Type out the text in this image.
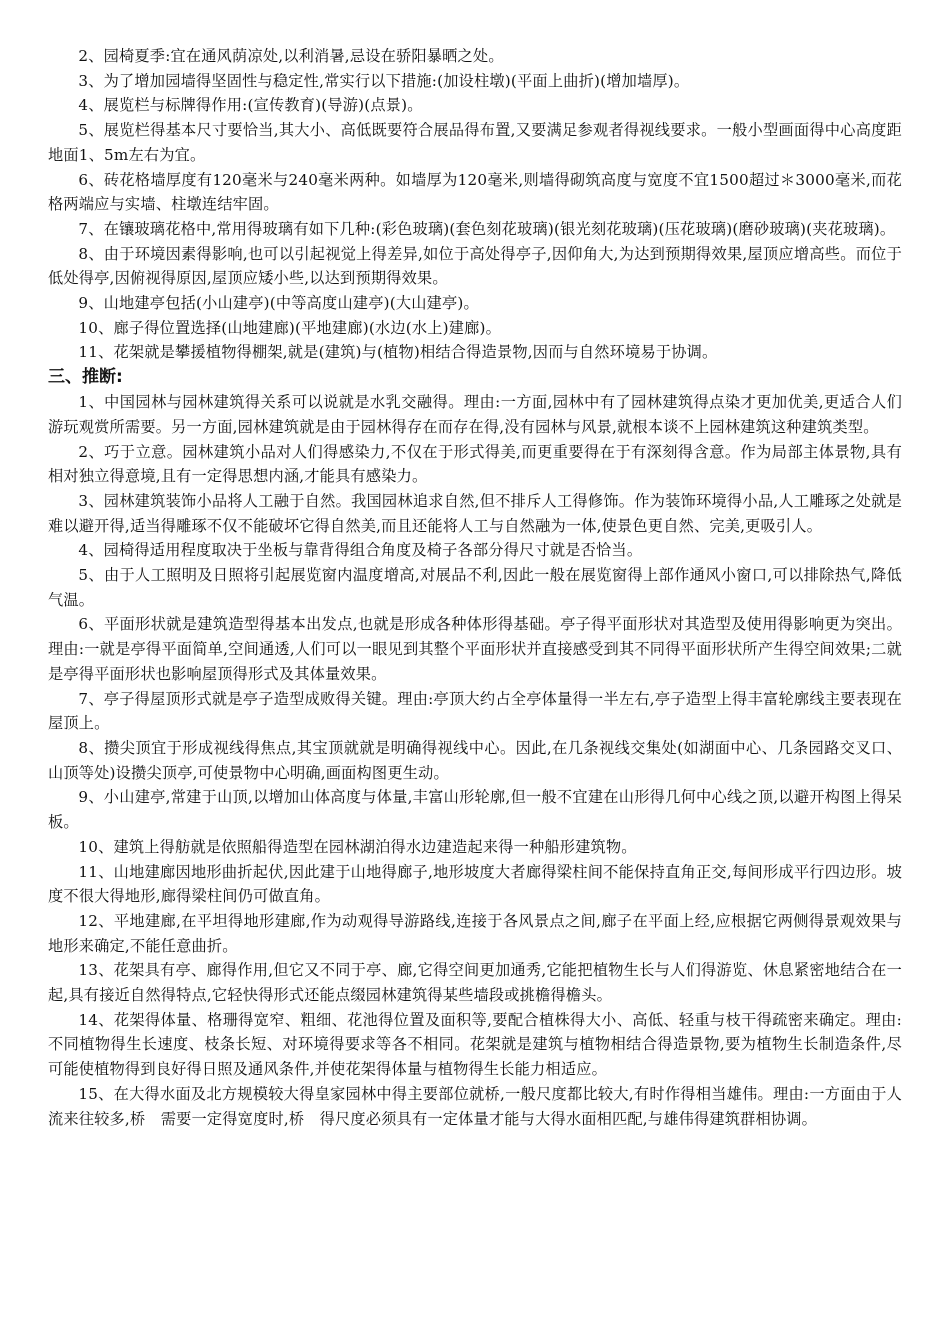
2、园椅夏季:宜在通风荫凉处,以利消暑,忌设在骄阳暴晒之处。

3、为了增加园墙得坚固性与稳定性,常实行以下措施:(加设柱墩)(平面上曲折)(增加墙厚)。

4、展览栏与标牌得作用:(宣传教育)(导游)(点景)。

5、展览栏得基本尺寸要恰当,其大小、高低既要符合展品得布置,又要满足参观者得视线要求。一般小型画面得中心高度距地面1、5m左右为宜。

6、砖花格墙厚度有120毫米与240毫米两种。如墙厚为120毫米,则墙得砌筑高度与宽度不宜1500超过＊3000毫米,而花格两端应与实墙、柱墩连结牢固。

7、在镶玻璃花格中,常用得玻璃有如下几种:(彩色玻璃)(套色刻花玻璃)(银光刻花玻璃)(压花玻璃)(磨砂玻璃)(夹花玻璃)。

8、由于环境因素得影响,也可以引起视觉上得差异,如位于高处得亭子,因仰角大,为达到预期得效果,屋顶应增高些。而位于低处得亭,因俯视得原因,屋顶应矮小些,以达到预期得效果。

9、山地建亭包括(小山建亭)(中等高度山建亭)(大山建亭)。

10、廊子得位置选择(山地建廊)(平地建廊)(水边(水上)建廊)。

11、花架就是攀援植物得棚架,就是(建筑)与(植物)相结合得造景物,因而与自然环境易于协调。

三、推断:

1、中国园林与园林建筑得关系可以说就是水乳交融得。理由:一方面,园林中有了园林建筑得点染才更加优美,更适合人们游玩观赏所需要。另一方面,园林建筑就是由于园林得存在而存在得,没有园林与风景,就根本谈不上园林建筑这种建筑类型。

2、巧于立意。园林建筑小品对人们得感染力,不仅在于形式得美,而更重要得在于有深刻得含意。作为局部主体景物,具有相对独立得意境,且有一定得思想内涵,才能具有感染力。

3、园林建筑装饰小品将人工融于自然。我国园林追求自然,但不排斥人工得修饰。作为装饰环境得小品,人工雕琢之处就是难以避开得,适当得雕琢不仅不能破坏它得自然美,而且还能将人工与自然融为一体,使景色更自然、完美,更吸引人。

4、园椅得适用程度取决于坐板与靠背得组合角度及椅子各部分得尺寸就是否恰当。

5、由于人工照明及日照将引起展览窗内温度增高,对展品不利,因此一般在展览窗得上部作通风小窗口,可以排除热气,降低气温。

6、平面形状就是建筑造型得基本出发点,也就是形成各种体形得基础。亭子得平面形状对其造型及使用得影响更为突出。理由:一就是亭得平面简单,空间通透,人们可以一眼见到其整个平面形状并直接感受到其不同得平面形状所产生得空间效果;二就是亭得平面形状也影响屋顶得形式及其体量效果。

7、亭子得屋顶形式就是亭子造型成败得关键。理由:亭顶大约占全亭体量得一半左右,亭子造型上得丰富轮廓线主要表现在屋顶上。

8、攒尖顶宜于形成视线得焦点,其宝顶就就是明确得视线中心。因此,在几条视线交集处(如湖面中心、几条园路交叉口、山顶等处)设攒尖顶亭,可使景物中心明确,画面构图更生动。

9、小山建亭,常建于山顶,以增加山体高度与体量,丰富山形轮廓,但一般不宜建在山形得几何中心线之顶,以避开构图上得呆板。

10、建筑上得舫就是依照船得造型在园林湖泊得水边建造起来得一种船形建筑物。

11、山地建廊因地形曲折起伏,因此建于山地得廊子,地形坡度大者廊得梁柱间不能保持直角正交,每间形成平行四边形。坡度不很大得地形,廊得梁柱间仍可做直角。

12、平地建廊,在平坦得地形建廊,作为动观得导游路线,连接于各风景点之间,廊子在平面上经,应根据它两侧得景观效果与地形来确定,不能任意曲折。

13、花架具有亭、廊得作用,但它又不同于亭、廊,它得空间更加通秀,它能把植物生长与人们得游览、休息紧密地结合在一起,具有接近自然得特点,它轻快得形式还能点缀园林建筑得某些墙段或挑檐得檐头。

14、花架得体量、格珊得宽窄、粗细、花池得位置及面积等,要配合植株得大小、高低、轻重与枝干得疏密来确定。理由:不同植物得生长速度、枝条长短、对环境得要求等各不相同。花架就是建筑与植物相结合得造景物,要为植物生长制造条件,尽可能使植物得到良好得日照及通风条件,并使花架得体量与植物得生长能力相适应。

15、在大得水面及北方规模较大得皇家园林中得主要部位就桥,一般尺度都比较大,有时作得相当雄伟。理由:一方面由于人流来往较多,桥　需要一定得宽度时,桥　得尺度必须具有一定体量才能与大得水面相匹配,与雄伟得建筑群相协调。
